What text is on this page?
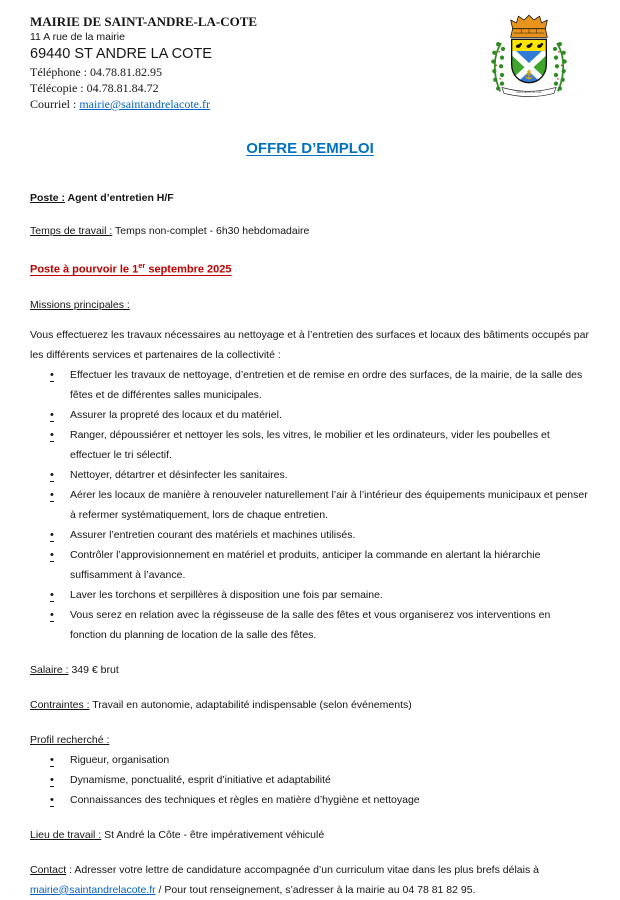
MAIRIE DE SAINT-ANDRE-LA-COTE
11 A rue de la mairie
69440 ST ANDRE LA COTE
Téléphone : 04.78.81.82.95
Télécopie : 04.78.81.84.72
Courriel : mairie@saintandrelacote.fr
Saint André la Côte
OFFRE D’EMPLOI

Poste : Agent d’entretien H/F

Temps de travail : Temps non-complet - 6h30 hebdomadaire

Poste à pourvoir le 1er septembre 2025

Missions principales :

Vous effectuerez les travaux nécessaires au nettoyage et à l’entretien des surfaces et locaux des bâtiments occupés par les différents services et partenaires de la collectivité :

• Effectuer les travaux de nettoyage, d’entretien et de remise en ordre des surfaces, de la mairie, de la salle des fêtes et de différentes salles municipales.
• Assurer la propreté des locaux et du matériel.
• Ranger, dépoussiérer et nettoyer les sols, les vitres, le mobilier et les ordinateurs, vider les poubelles et effectuer le tri sélectif.
• Nettoyer, détartrer et désinfecter les sanitaires.
• Aérer les locaux de manière à renouveler naturellement l’air à l’intérieur des équipements municipaux et penser à refermer systématiquement, lors de chaque entretien.
• Assurer l’entretien courant des matériels et machines utilisés.
• Contrôler l’approvisionnement en matériel et produits, anticiper la commande en alertant la hiérarchie suffisamment à l’avance.
• Laver les torchons et serpillères à disposition une fois par semaine.
• Vous serez en relation avec la régisseuse de la salle des fêtes et vous organiserez vos interventions en fonction du planning de location de la salle des fêtes.

Salaire : 349 € brut

Contraintes : Travail en autonomie, adaptabilité indispensable (selon événements)

Profil recherché :

• Rigueur, organisation
• Dynamisme, ponctualité, esprit d’initiative et adaptabilité
• Connaissances des techniques et règles en matière d’hygiène et nettoyage

Lieu de travail : St André la Côte - être impérativement véhiculé

Contact : Adresser votre lettre de candidature accompagnée d’un curriculum vitae dans les plus brefs délais à mairie@saintandrelacote.fr / Pour tout renseignement, s’adresser à la mairie au 04 78 81 82 95.
